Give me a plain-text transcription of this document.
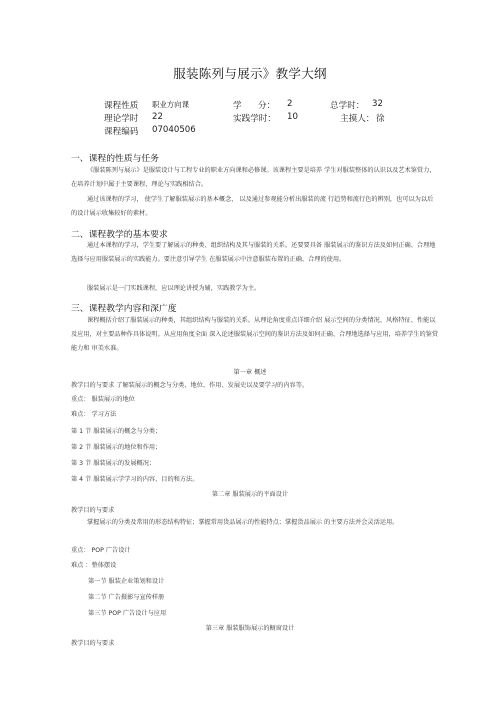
服装陈列与展示》教学大纲
课程性质 职业方向课	学      分： 2	总学时： 32
理论学时 22	实践学时： 10	主摸人： 徐
课程编码 07040506
一、课程的性质与任务
《服装陈列与展示》是服装设计与工程专业的职业方向课和必修课。该课程主要是培养 学生对服装整体的认识以及艺术鉴赏力，在培养计划中属于主要课程，理论与实践相结合。
通过该课程的学习， 使学生了解服装展示的基本概念， 以及通过参观能分析出服装的流 行趋势和流行色的辨别，也可以为以后的设计展示收集较好的素材。
二、课程教学的基本要求
通过本课程的学习，学生要了解展示的种类、组织结构及其与服装的关系。还要要具备 服装展示的鉴识方法及如何正确、合理地选择与应用服装展示的实践能力。要注意引导学生 在服装展示中注意服装布置的正确、合理的使用。
服装展示是一门实践课程，应以理论讲授为辅，实践教学为主。
三、课程教学内容和深广度
课程概括介绍了服装展示的种类，其组织结构与服装的关系。从理论角度重点详细介绍 展示空间的分类情况、风格特征、性能以及应用，对主要品种作具体说明。从应用角度全面 深入论述服装展示空间的鉴识方法及如何正确、合理地选择与应用，培养学生的鉴赏能力和 审美水准。
第一章 概述
教学目的与要求 了解装展示的概念与分类、地位、作用、发展史以及要学习的内容等。
重点： 服装展示的地位
难点： 学习方法
第 1 节 服装展示的概念与分类；
第 2 节 服装展示的地位和作用；
第 3 节 服装展示的发展概况；
第 4 节 服装展示学学习的内容、目的和方法。
第二章 服装展示的平面设计
教学目的与要求
掌握展示的分类及常用的形态结构特征；掌握常用货品展示的性能特点；掌握货品展示 的主要方法并会灵活运用。
重点： POP 广告设计
难点 ：整体摆设
第一节 服装企业策划和设计
第二节 广告摄影与宣传样册
第三节 POP 广告设计与应用
第三章 服装服饰展示的橱窗设计
教学目的与要求
